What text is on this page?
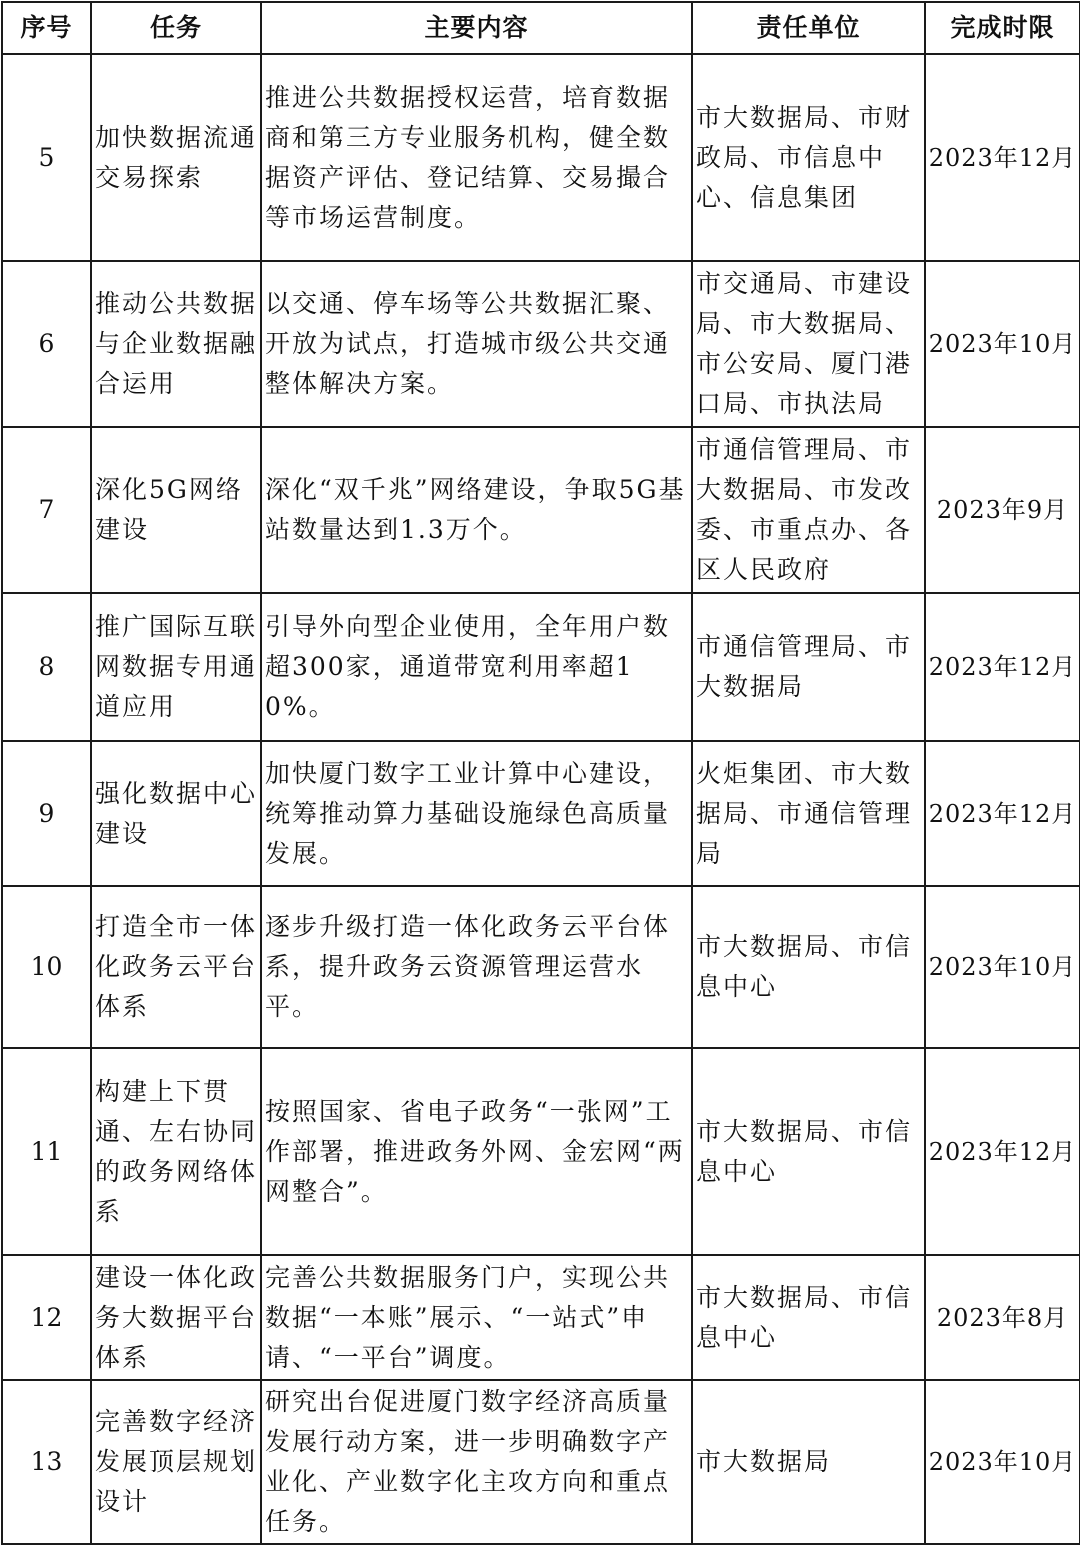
序号	任务	主要内容	责任单位	完成时限
5	加快数据流通交易探索	推进公共数据授权运营，培育数据商和第三方专业服务机构，健全数据资产评估、登记结算、交易撮合等市场运营制度。	市大数据局、市财政局、市信息中心、信息集团	2023年12月
6	推动公共数据与企业数据融合运用	以交通、停车场等公共数据汇聚、开放为试点，打造城市级公共交通整体解决方案。	市交通局、市建设局、市大数据局、市公安局、厦门港口局、市执法局	2023年10月
7	深化5G网络建设	深化“双千兆”网络建设，争取5G基站数量达到1.3万个。	市通信管理局、市大数据局、市发改委、市重点办、各区人民政府	2023年9月
8	推广国际互联网数据专用通道应用	引导外向型企业使用，全年用户数超300家，通道带宽利用率超10%。	市通信管理局、市大数据局	2023年12月
9	强化数据中心建设	加快厦门数字工业计算中心建设，统筹推动算力基础设施绿色高质量发展。	火炬集团、市大数据局、市通信管理局	2023年12月
10	打造全市一体化政务云平台体系	逐步升级打造一体化政务云平台体系，提升政务云资源管理运营水平。	市大数据局、市信息中心	2023年10月
11	构建上下贯通、左右协同的政务网络体系	按照国家、省电子政务“一张网”工作部署，推进政务外网、金宏网“两网整合”。	市大数据局、市信息中心	2023年12月
12	建设一体化政务大数据平台体系	完善公共数据服务门户，实现公共数据“一本账”展示、“一站式”申请、“一平台”调度。	市大数据局、市信息中心	2023年8月
13	完善数字经济发展顶层规划设计	研究出台促进厦门数字经济高质量发展行动方案，进一步明确数字产业化、产业数字化主攻方向和重点任务。	市大数据局	2023年10月
